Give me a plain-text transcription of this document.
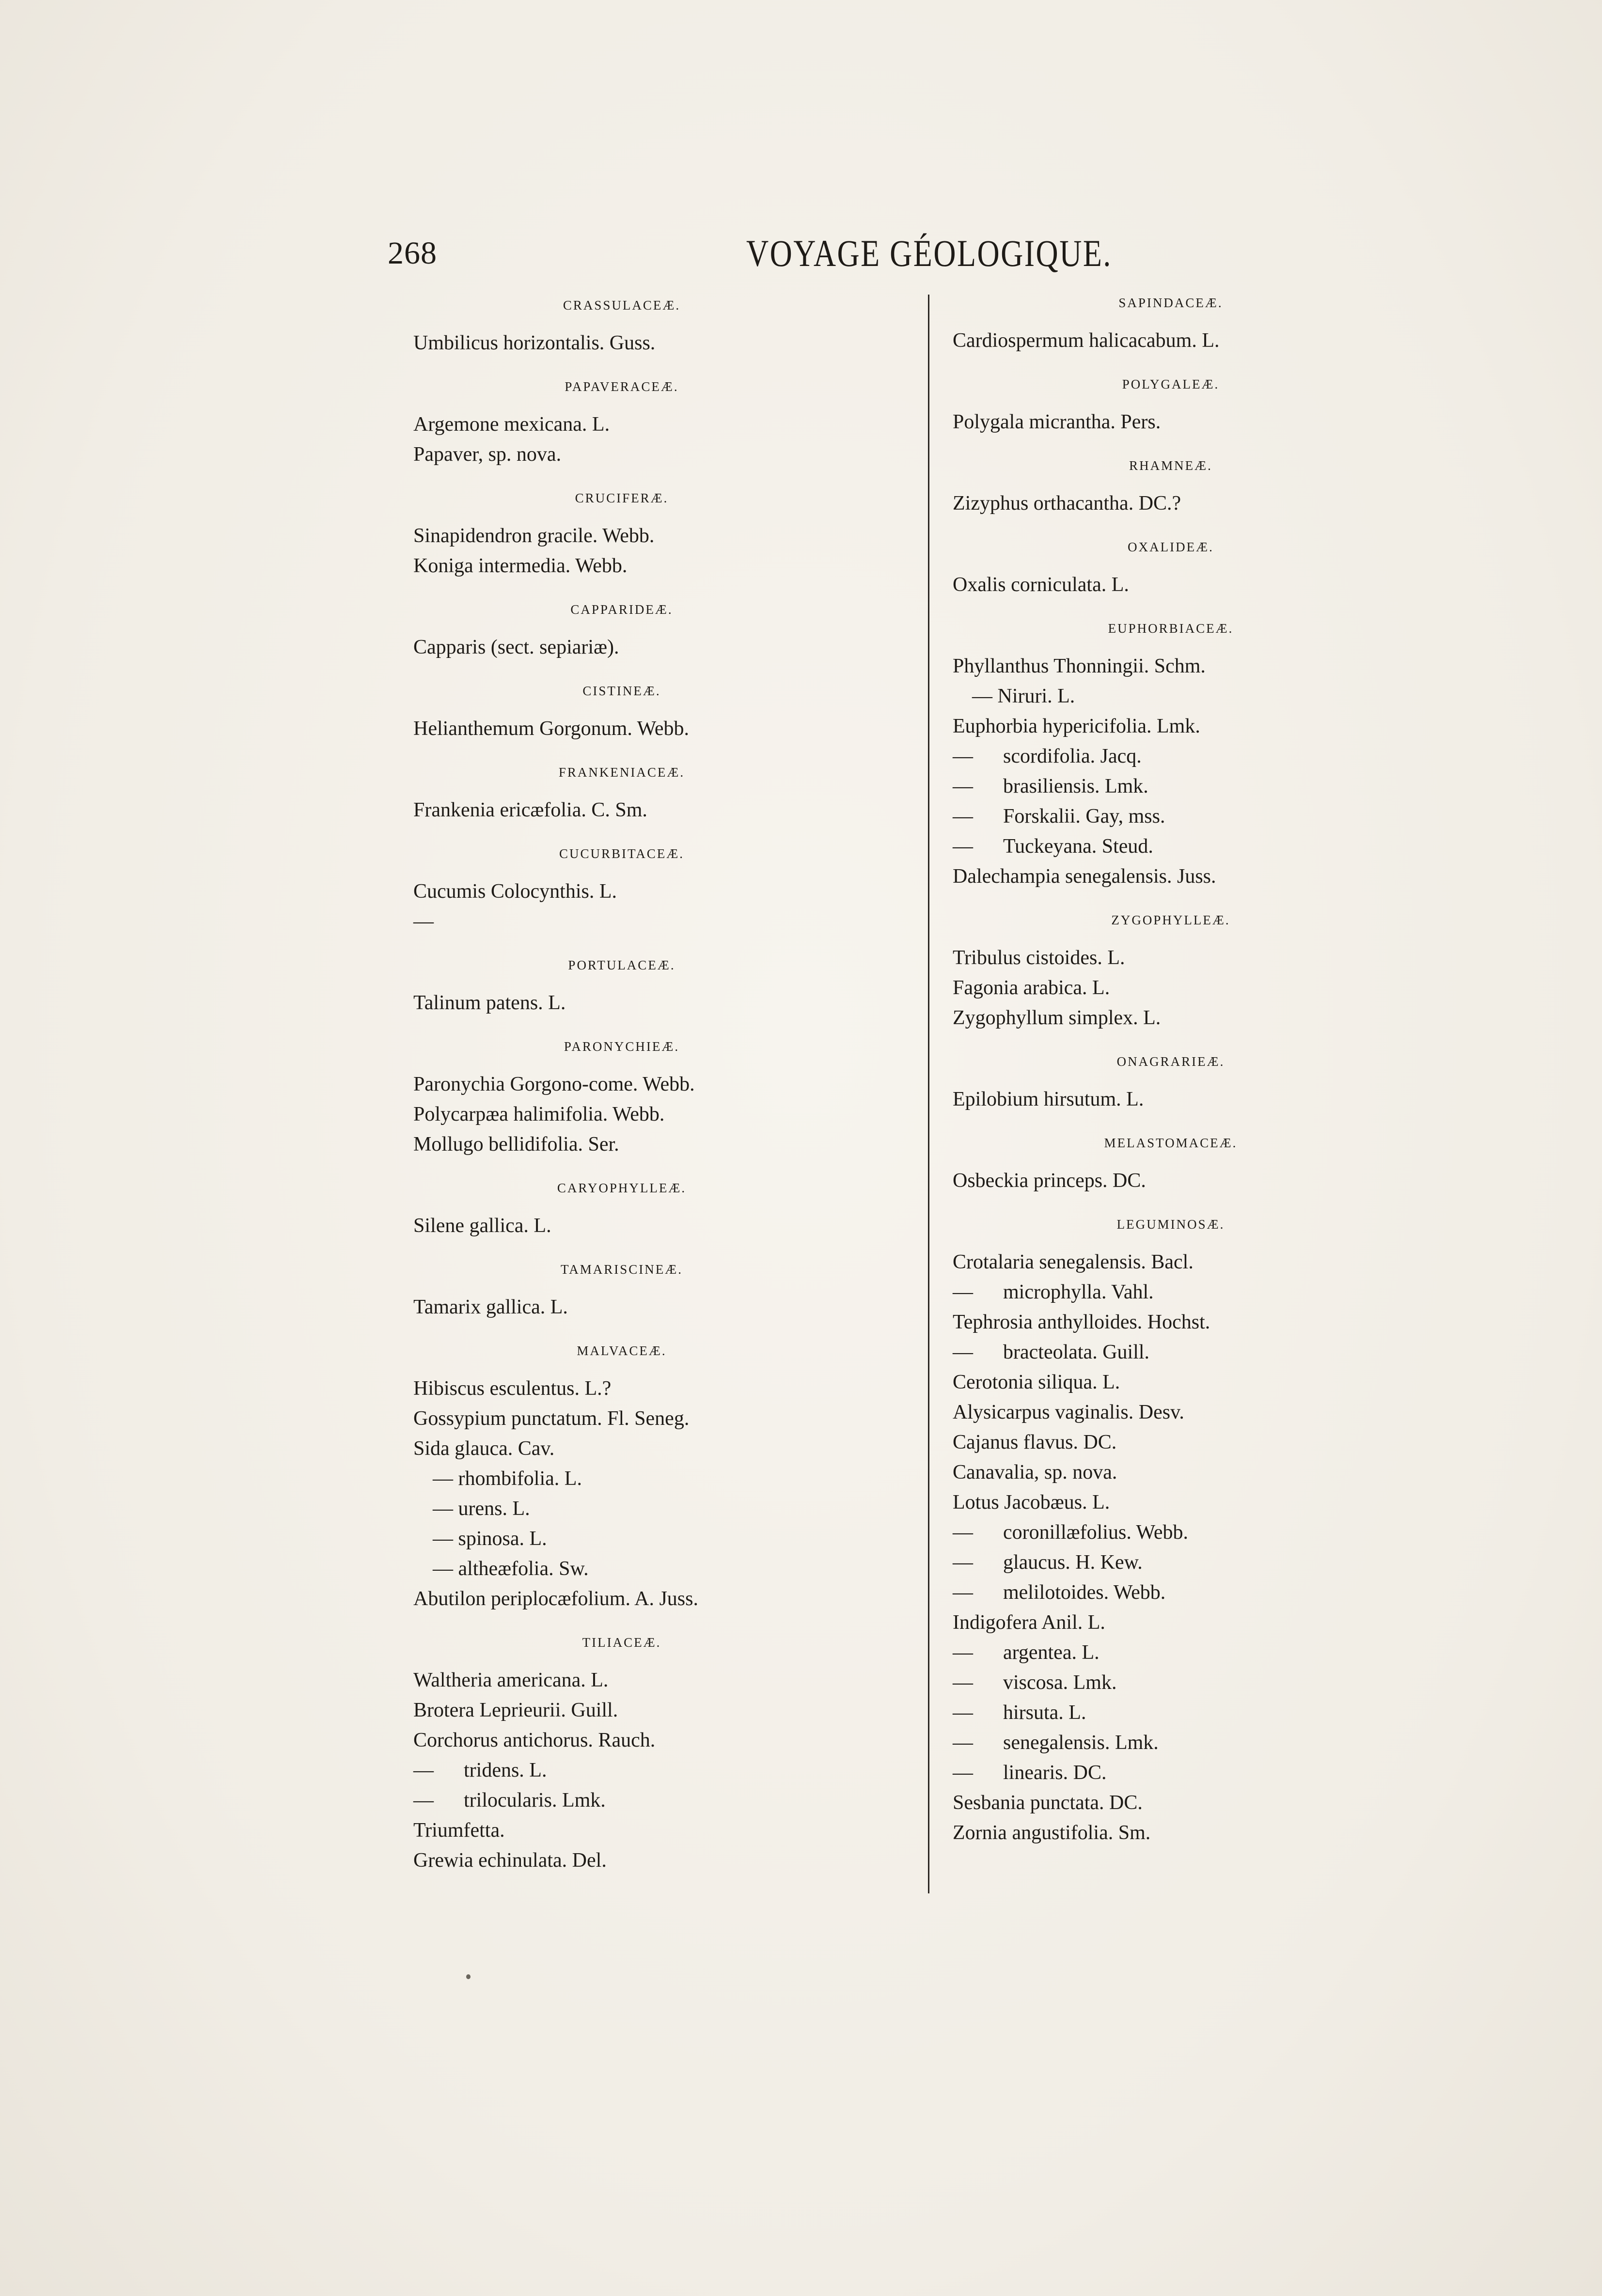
268	VOYAGE GÉOLOGIQUE.
CRASSULACEÆ.
Umbilicus horizontalis. Guss.
PAPAVERACEÆ.
Argemone mexicana. L.
Papaver, sp. nova.
CRUCIFERÆ.
Sinapidendron gracile. Webb.
Koniga intermedia. Webb.
CAPPARIDEÆ.
Capparis (sect. sepiariæ).
CISTINEÆ.
Helianthemum Gorgonum. Webb.
FRANKENIACEÆ.
Frankenia ericæfolia. C. Sm.
CUCURBITACEÆ.
Cucumis Colocynthis. L.
—
PORTULACEÆ.
Talinum patens. L.
PARONYCHIEÆ.
Paronychia Gorgono-come. Webb.
Polycarpæa halimifolia. Webb.
Mollugo bellidifolia. Ser.
CARYOPHYLLEÆ.
Silene gallica. L.
TAMARISCINEÆ.
Tamarix gallica. L.
MALVACEÆ.
Hibiscus esculentus. L.?
Gossypium punctatum. Fl. Seneg.
Sida glauca. Cav.
— rhombifolia. L.
— urens. L.
— spinosa. L.
— altheæfolia. Sw.
Abutilon periplocæfolium. A. Juss.
TILIACEÆ.
Waltheria americana. L.
Brotera Leprieurii. Guill.
Corchorus antichorus. Rauch.
— tridens. L.
— trilocularis. Lmk.
Triumfetta.
Grewia echinulata. Del.
SAPINDACEÆ.
Cardiospermum halicacabum. L.
POLYGALEÆ.
Polygala micrantha. Pers.
RHAMNEÆ.
Zizyphus orthacantha. DC.?
OXALIDEÆ.
Oxalis corniculata. L.
EUPHORBIACEÆ.
Phyllanthus Thonningii. Schm.
— Niruri. L.
Euphorbia hypericifolia. Lmk.
— scordifolia. Jacq.
— brasiliensis. Lmk.
— Forskalii. Gay, mss.
— Tuckeyana. Steud.
Dalechampia senegalensis. Juss.
ZYGOPHYLLEÆ.
Tribulus cistoides. L.
Fagonia arabica. L.
Zygophyllum simplex. L.
ONAGRARIEÆ.
Epilobium hirsutum. L.
MELASTOMACEÆ.
Osbeckia princeps. DC.
LEGUMINOSÆ.
Crotalaria senegalensis. Bacl.
— microphylla. Vahl.
Tephrosia anthylloides. Hochst.
— bracteolata. Guill.
Cerotonia siliqua. L.
Alysicarpus vaginalis. Desv.
Cajanus flavus. DC.
Canavalia, sp. nova.
Lotus Jacobæus. L.
— coronillæfolius. Webb.
— glaucus. H. Kew.
— melilotoides. Webb.
Indigofera Anil. L.
— argentea. L.
— viscosa. Lmk.
— hirsuta. L.
— senegalensis. Lmk.
— linearis. DC.
Sesbania punctata. DC.
Zornia angustifolia. Sm.
